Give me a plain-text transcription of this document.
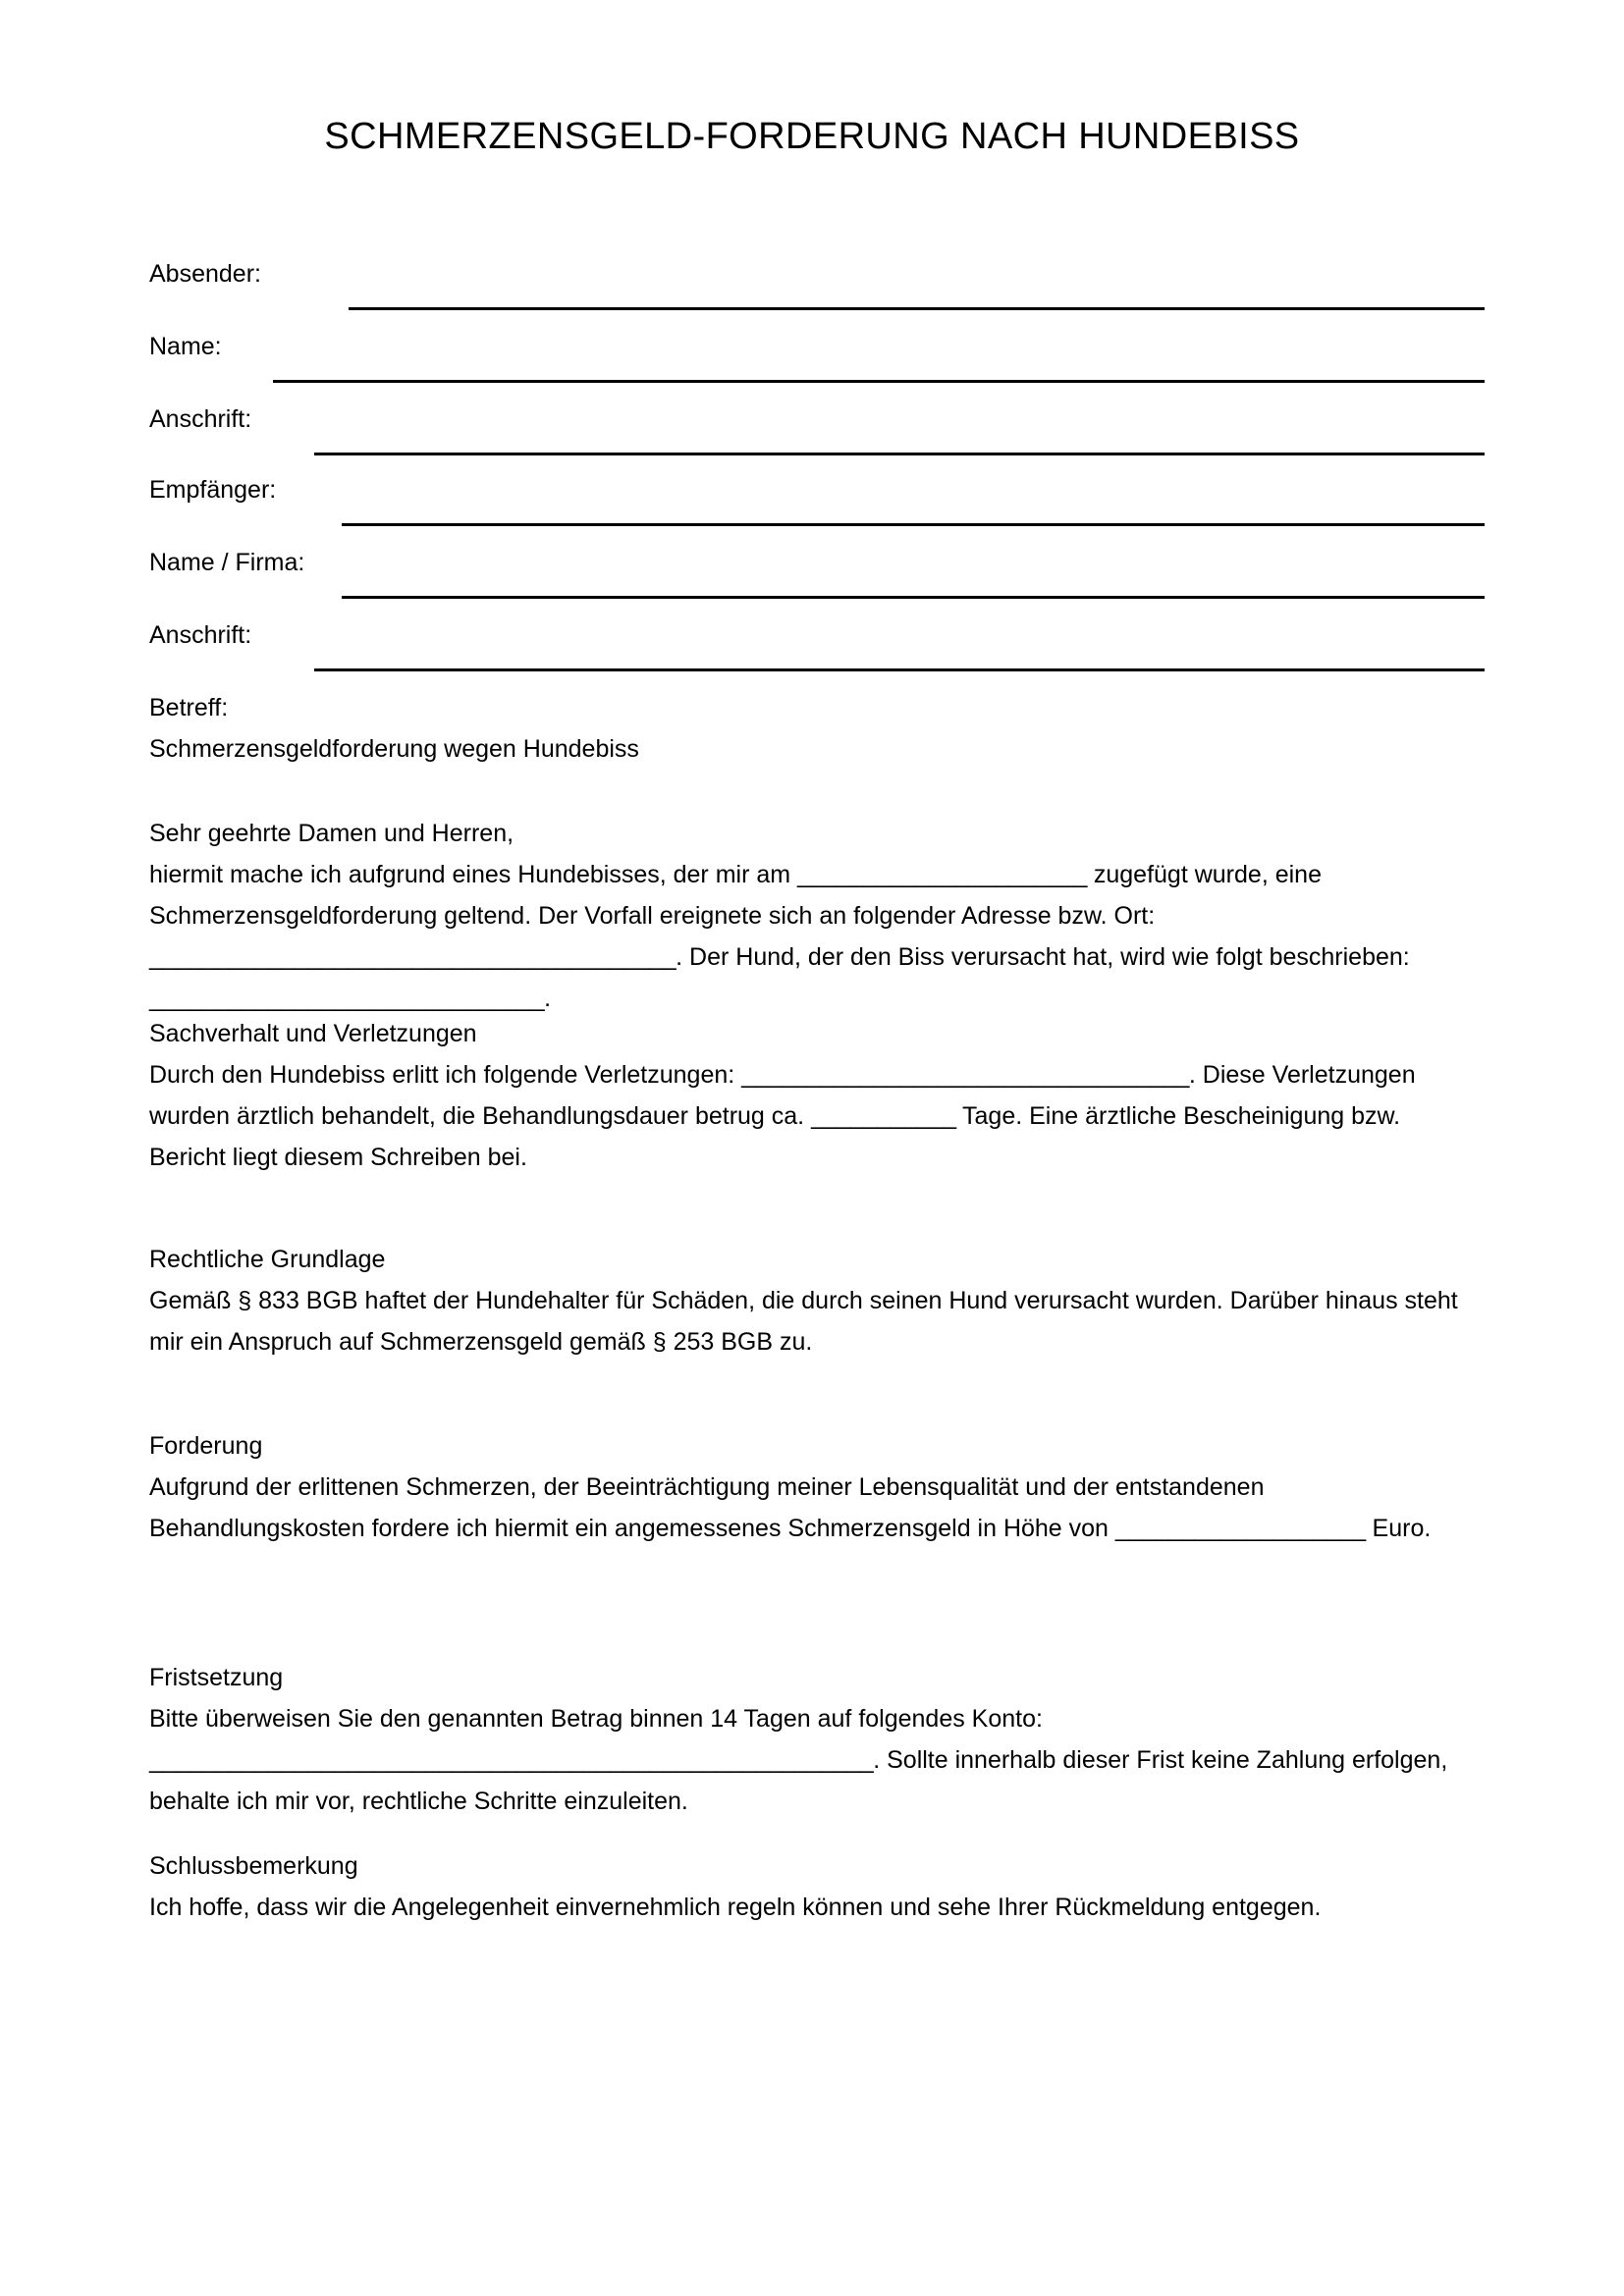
SCHMERZENSGELD-FORDERUNG NACH HUNDEBISS
Absender:
Name:
Anschrift:
Empfänger:
Name / Firma:
Anschrift:

Betreff:

Schmerzensgeldforderung wegen Hundebiss

Sehr geehrte Damen und Herren,

hiermit mache ich aufgrund eines Hundebisses, der mir am ______________________ zugefügt wurde, eine Schmerzensgeldforderung geltend. Der Vorfall ereignete sich an folgender Adresse bzw. Ort: ________________________________________. Der Hund, der den Biss verursacht hat, wird wie folgt beschrieben: ______________________________.

Sachverhalt und Verletzungen

Durch den Hundebiss erlitt ich folgende Verletzungen: __________________________________. Diese Verletzungen wurden ärztlich behandelt, die Behandlungsdauer betrug ca. ___________ Tage. Eine ärztliche Bescheinigung bzw. Bericht liegt diesem Schreiben bei.

Rechtliche Grundlage

Gemäß § 833 BGB haftet der Hundehalter für Schäden, die durch seinen Hund verursacht wurden. Darüber hinaus steht mir ein Anspruch auf Schmerzensgeld gemäß § 253 BGB zu.

Forderung

Aufgrund der erlittenen Schmerzen, der Beeinträchtigung meiner Lebensqualität und der entstandenen Behandlungskosten fordere ich hiermit ein angemessenes Schmerzensgeld in Höhe von ___________________ Euro.

Fristsetzung

Bitte überweisen Sie den genannten Betrag binnen 14 Tagen auf folgendes Konto: _______________________________________________________. Sollte innerhalb dieser Frist keine Zahlung erfolgen, behalte ich mir vor, rechtliche Schritte einzuleiten.

Schlussbemerkung

Ich hoffe, dass wir die Angelegenheit einvernehmlich regeln können und sehe Ihrer Rückmeldung entgegen.
